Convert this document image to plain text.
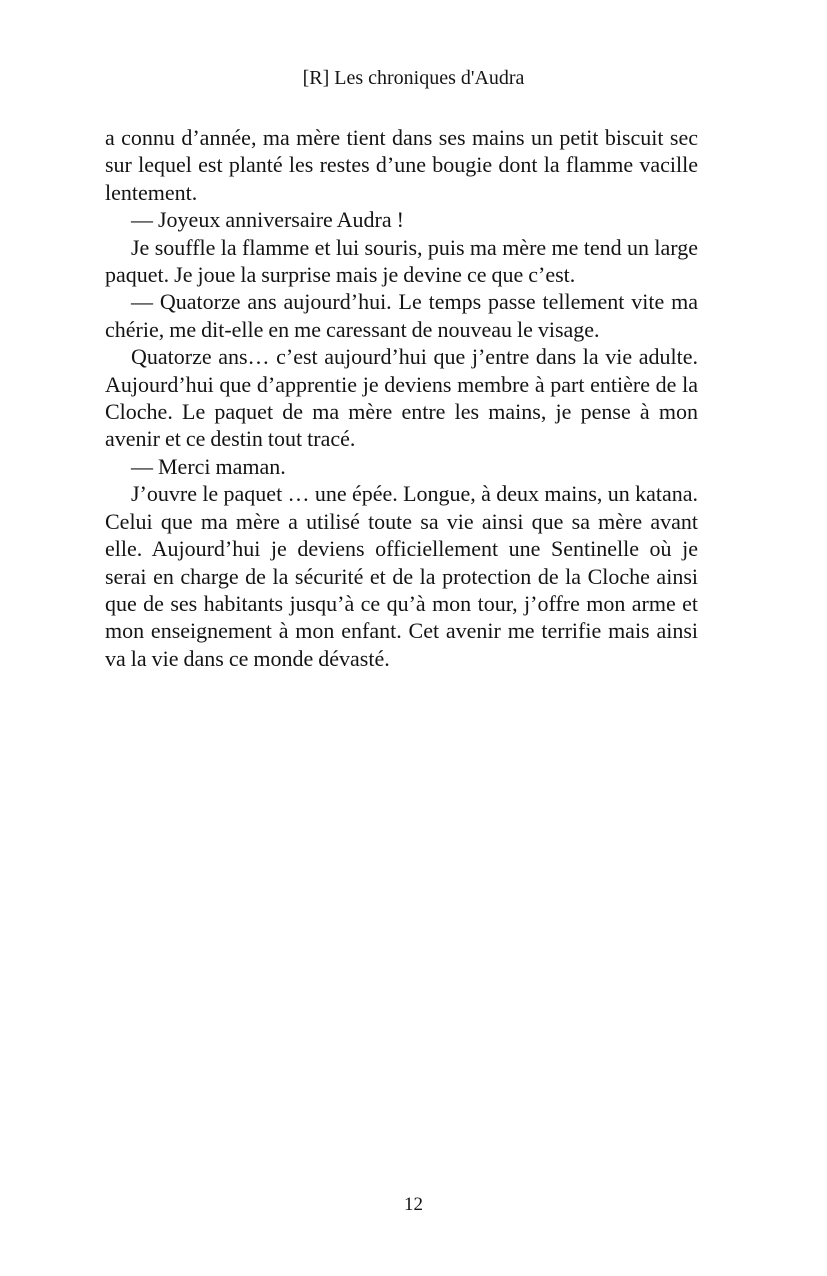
[R] Les chroniques d'Audra

a connu d’année, ma mère tient dans ses mains un petit biscuit sec sur lequel est planté les restes d’une bougie dont la flamme vacille lentement.

— Joyeux anniversaire Audra !

Je souffle la flamme et lui souris, puis ma mère me tend un large paquet. Je joue la surprise mais je devine ce que c’est.

— Quatorze ans aujourd’hui. Le temps passe tellement vite ma chérie, me dit-elle en me caressant de nouveau le visage.

Quatorze ans… c’est aujourd’hui que j’entre dans la vie adulte. Aujourd’hui que d’apprentie je deviens membre à part entière de la Cloche. Le paquet de ma mère entre les mains, je pense à mon avenir et ce destin tout tracé.

— Merci maman.

J’ouvre le paquet … une épée. Longue, à deux mains, un katana. Celui que ma mère a utilisé toute sa vie ainsi que sa mère avant elle. Aujourd’hui je deviens officiellement une Sentinelle où je serai en charge de la sécurité et de la protection de la Cloche ainsi que de ses habitants jusqu’à ce qu’à mon tour, j’offre mon arme et mon enseignement à mon enfant. Cet avenir me terrifie mais ainsi va la vie dans ce monde dévasté.

12
